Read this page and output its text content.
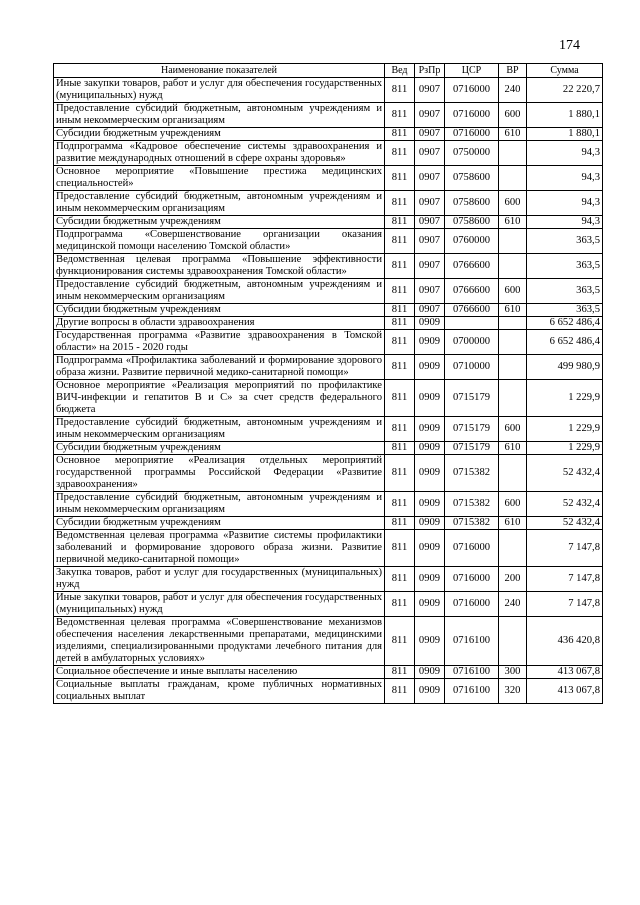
174
Наименование показателей	Вед	РзПр	ЦСР	ВР	Сумма
Иные закупки товаров, работ и услуг для обеспечения государственных (муниципальных) нужд	811	0907	0716000	240	22 220,7
Предоставление субсидий бюджетным, автономным учреждениям и иным некоммерческим организациям	811	0907	0716000	600	1 880,1
Субсидии бюджетным учреждениям	811	0907	0716000	610	1 880,1
Подпрограмма «Кадровое обеспечение системы здравоохранения и развитие международных отношений в сфере охраны здоровья»	811	0907	0750000		94,3
Основное мероприятие «Повышение престижа медицинских специальностей»	811	0907	0758600		94,3
Предоставление субсидий бюджетным, автономным учреждениям и иным некоммерческим организациям	811	0907	0758600	600	94,3
Субсидии бюджетным учреждениям	811	0907	0758600	610	94,3
Подпрограмма «Совершенствование организации оказания медицинской помощи населению Томской области»	811	0907	0760000		363,5
Ведомственная целевая программа «Повышение эффективности функционирования системы здравоохранения Томской области»	811	0907	0766600		363,5
Предоставление субсидий бюджетным, автономным учреждениям и иным некоммерческим организациям	811	0907	0766600	600	363,5
Субсидии бюджетным учреждениям	811	0907	0766600	610	363,5
Другие вопросы в области здравоохранения	811	0909			6 652 486,4
Государственная программа «Развитие здравоохранения в Томской области» на 2015 - 2020 годы	811	0909	0700000		6 652 486,4
Подпрограмма «Профилактика заболеваний и формирование здорового образа жизни. Развитие первичной медико-санитарной помощи»	811	0909	0710000		499 980,9
Основное мероприятие «Реализация мероприятий по профилактике ВИЧ-инфекции и гепатитов В и С» за счет средств федерального бюджета	811	0909	0715179		1 229,9
Предоставление субсидий бюджетным, автономным учреждениям и иным некоммерческим организациям	811	0909	0715179	600	1 229,9
Субсидии бюджетным учреждениям	811	0909	0715179	610	1 229,9
Основное мероприятие «Реализация отдельных мероприятий государственной программы Российской Федерации «Развитие здравоохранения»	811	0909	0715382		52 432,4
Предоставление субсидий бюджетным, автономным учреждениям и иным некоммерческим организациям	811	0909	0715382	600	52 432,4
Субсидии бюджетным учреждениям	811	0909	0715382	610	52 432,4
Ведомственная целевая программа «Развитие системы профилактики заболеваний и формирование здорового образа жизни. Развитие первичной медико-санитарной помощи»	811	0909	0716000		7 147,8
Закупка товаров, работ и услуг для государственных (муниципальных) нужд	811	0909	0716000	200	7 147,8
Иные закупки товаров, работ и услуг для обеспечения государственных (муниципальных) нужд	811	0909	0716000	240	7 147,8
Ведомственная целевая программа «Совершенствование механизмов обеспечения населения лекарственными препаратами, медицинскими изделиями, специализированными продуктами лечебного питания для детей в амбулаторных условиях»	811	0909	0716100		436 420,8
Социальное обеспечение и иные выплаты населению	811	0909	0716100	300	413 067,8
Социальные выплаты гражданам, кроме публичных нормативных социальных выплат	811	0909	0716100	320	413 067,8
